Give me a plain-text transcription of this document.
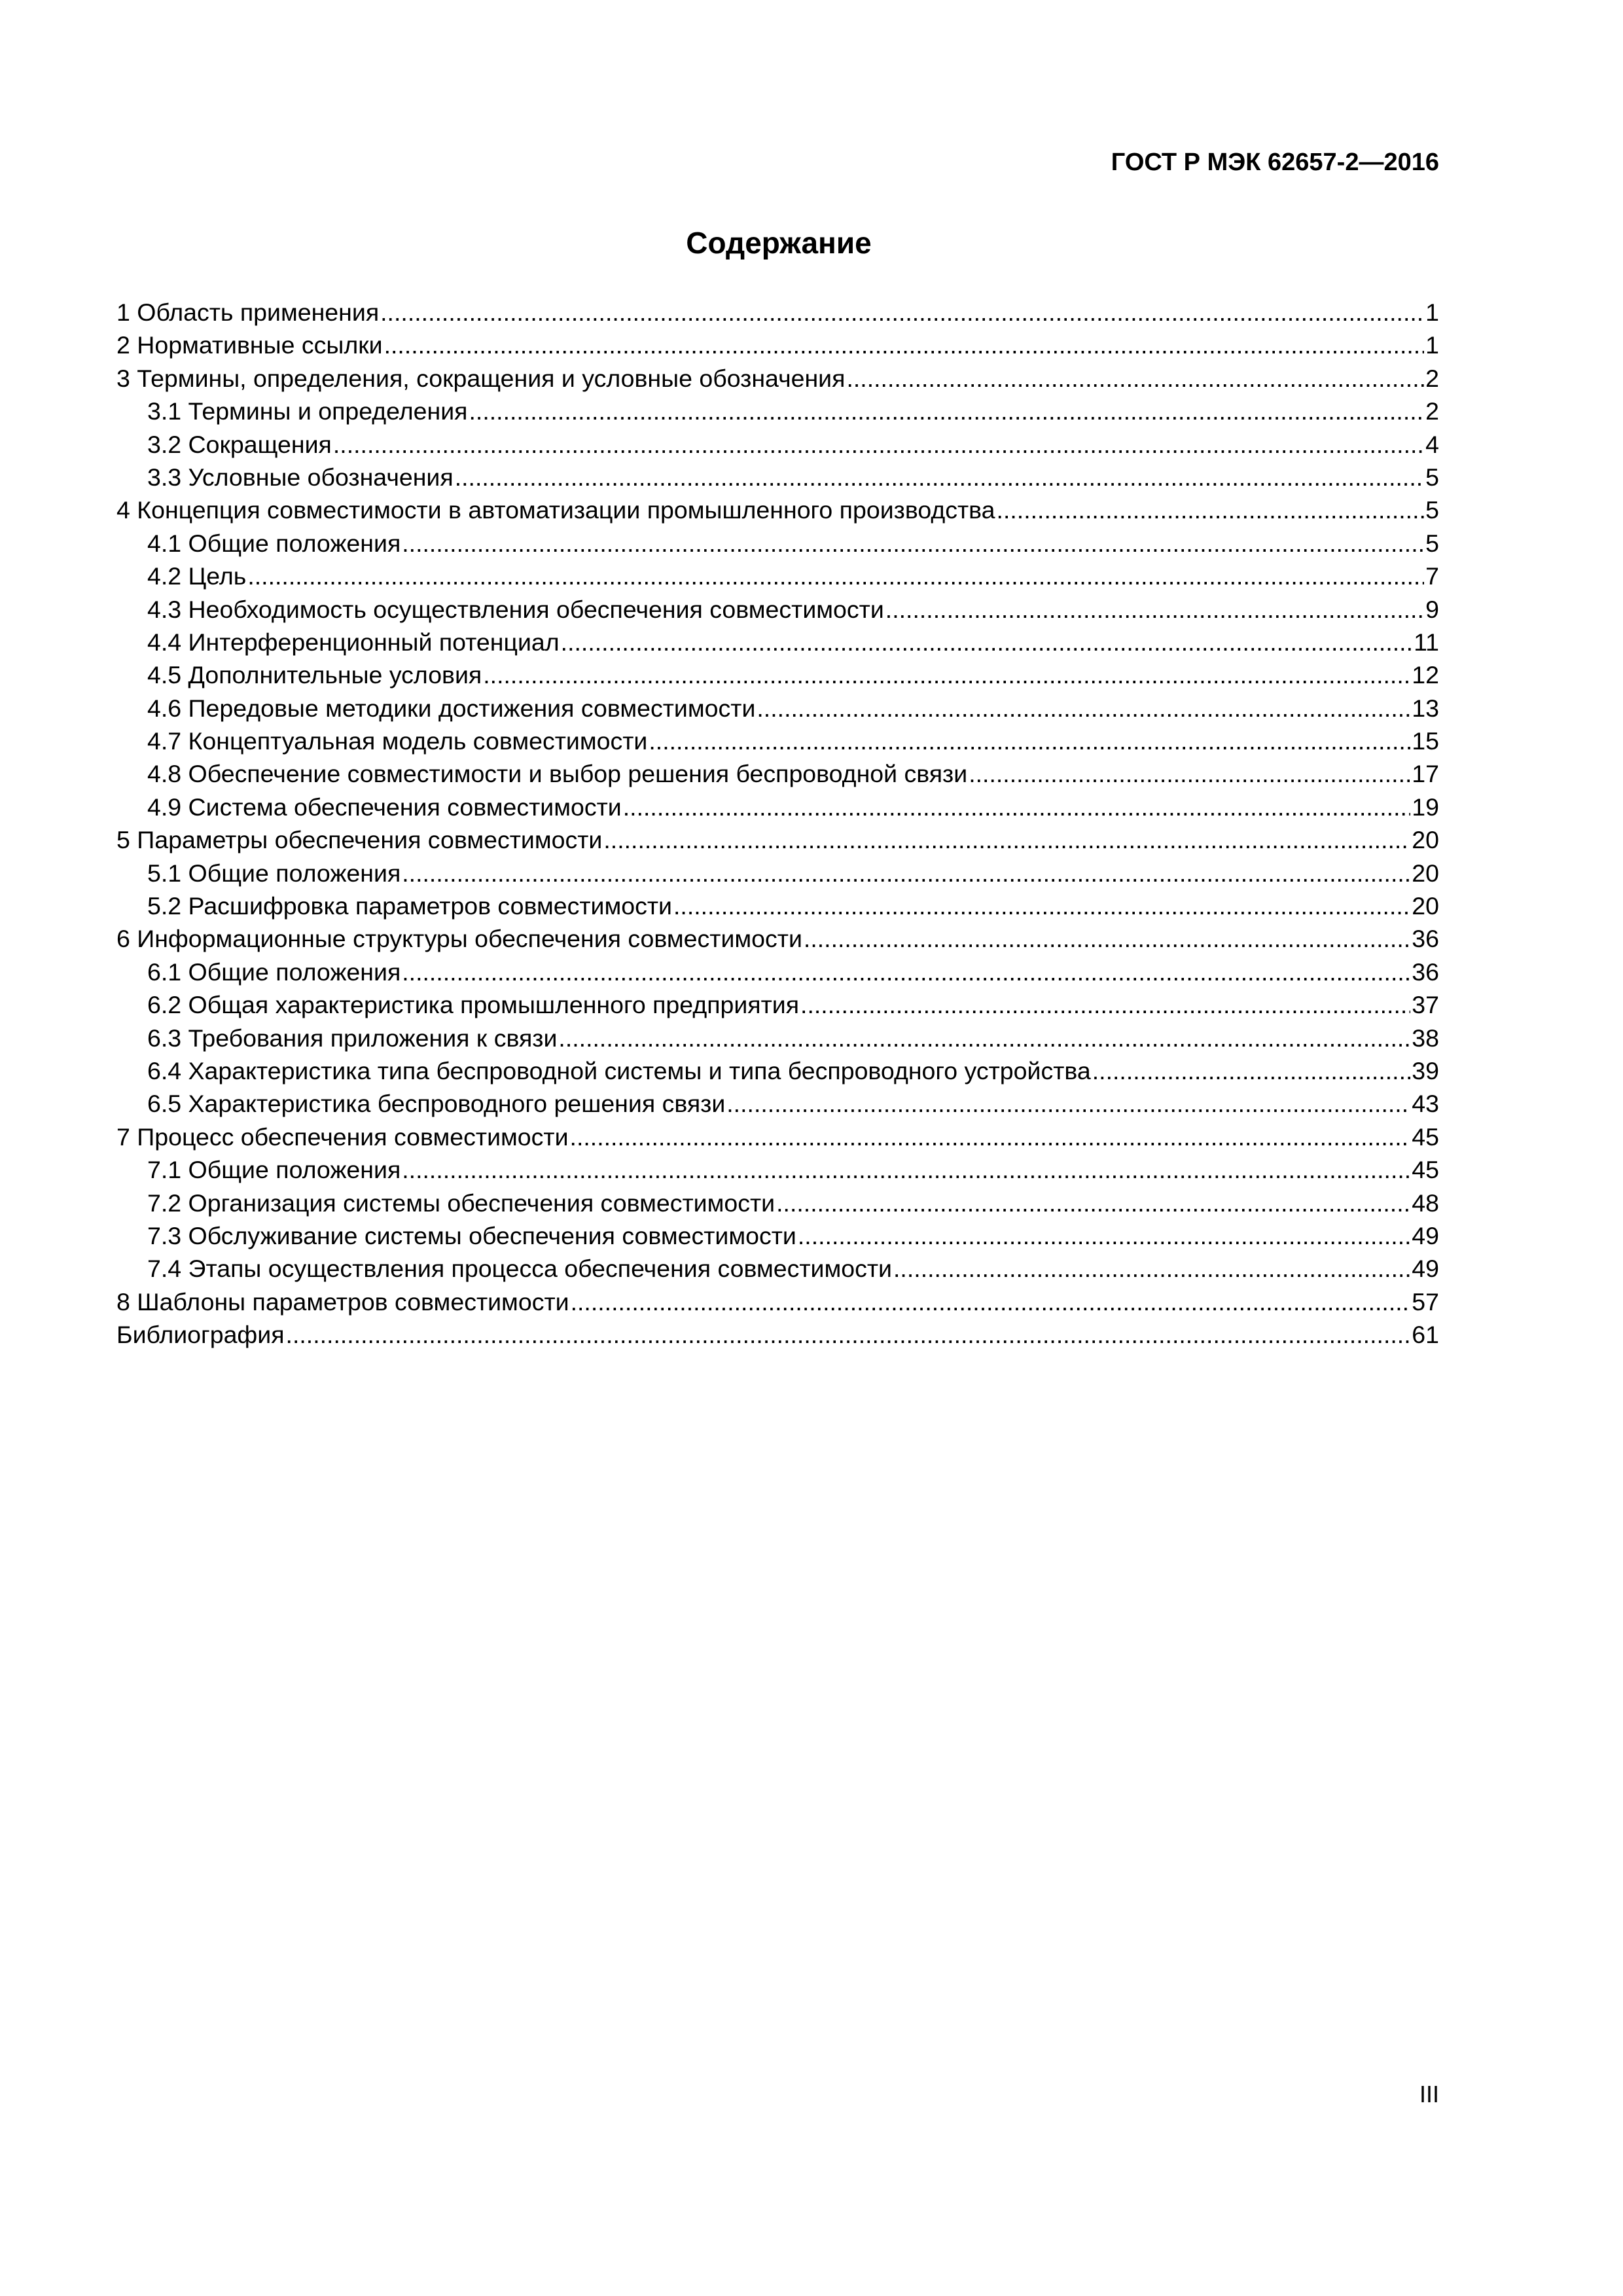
ГОСТ Р МЭК 62657-2—2016
Содержание
1 Область применения .....	1
2 Нормативные ссылки .....	1
3 Термины, определения, сокращения и условные обозначения .....	2
3.1 Термины и определения .....	2
3.2 Сокращения .....	4
3.3 Условные обозначения .....	5
4 Концепция совместимости в автоматизации промышленного производства .....	5
4.1 Общие положения .....	5
4.2 Цель .....	7
4.3 Необходимость осуществления обеспечения совместимости .....	9
4.4 Интерференционный потенциал .....	11
4.5 Дополнительные условия .....	12
4.6 Передовые методики достижения совместимости .....	13
4.7 Концептуальная модель совместимости .....	15
4.8 Обеспечение совместимости и выбор решения беспроводной связи .....	17
4.9 Система обеспечения совместимости .....	19
5 Параметры обеспечения совместимости .....	20
5.1 Общие положения .....	20
5.2 Расшифровка параметров совместимости .....	20
6 Информационные структуры обеспечения совместимости .....	36
6.1 Общие положения .....	36
6.2 Общая характеристика промышленного предприятия .....	37
6.3 Требования приложения к связи .....	38
6.4 Характеристика типа беспроводной системы и типа беспроводного устройства .....	39
6.5 Характеристика беспроводного решения связи .....	43
7 Процесс обеспечения совместимости .....	45
7.1 Общие положения .....	45
7.2 Организация системы обеспечения совместимости .....	48
7.3 Обслуживание системы обеспечения совместимости .....	49
7.4 Этапы осуществления процесса обеспечения совместимости .....	49
8 Шаблоны параметров совместимости .....	57
Библиография .....	61
III
